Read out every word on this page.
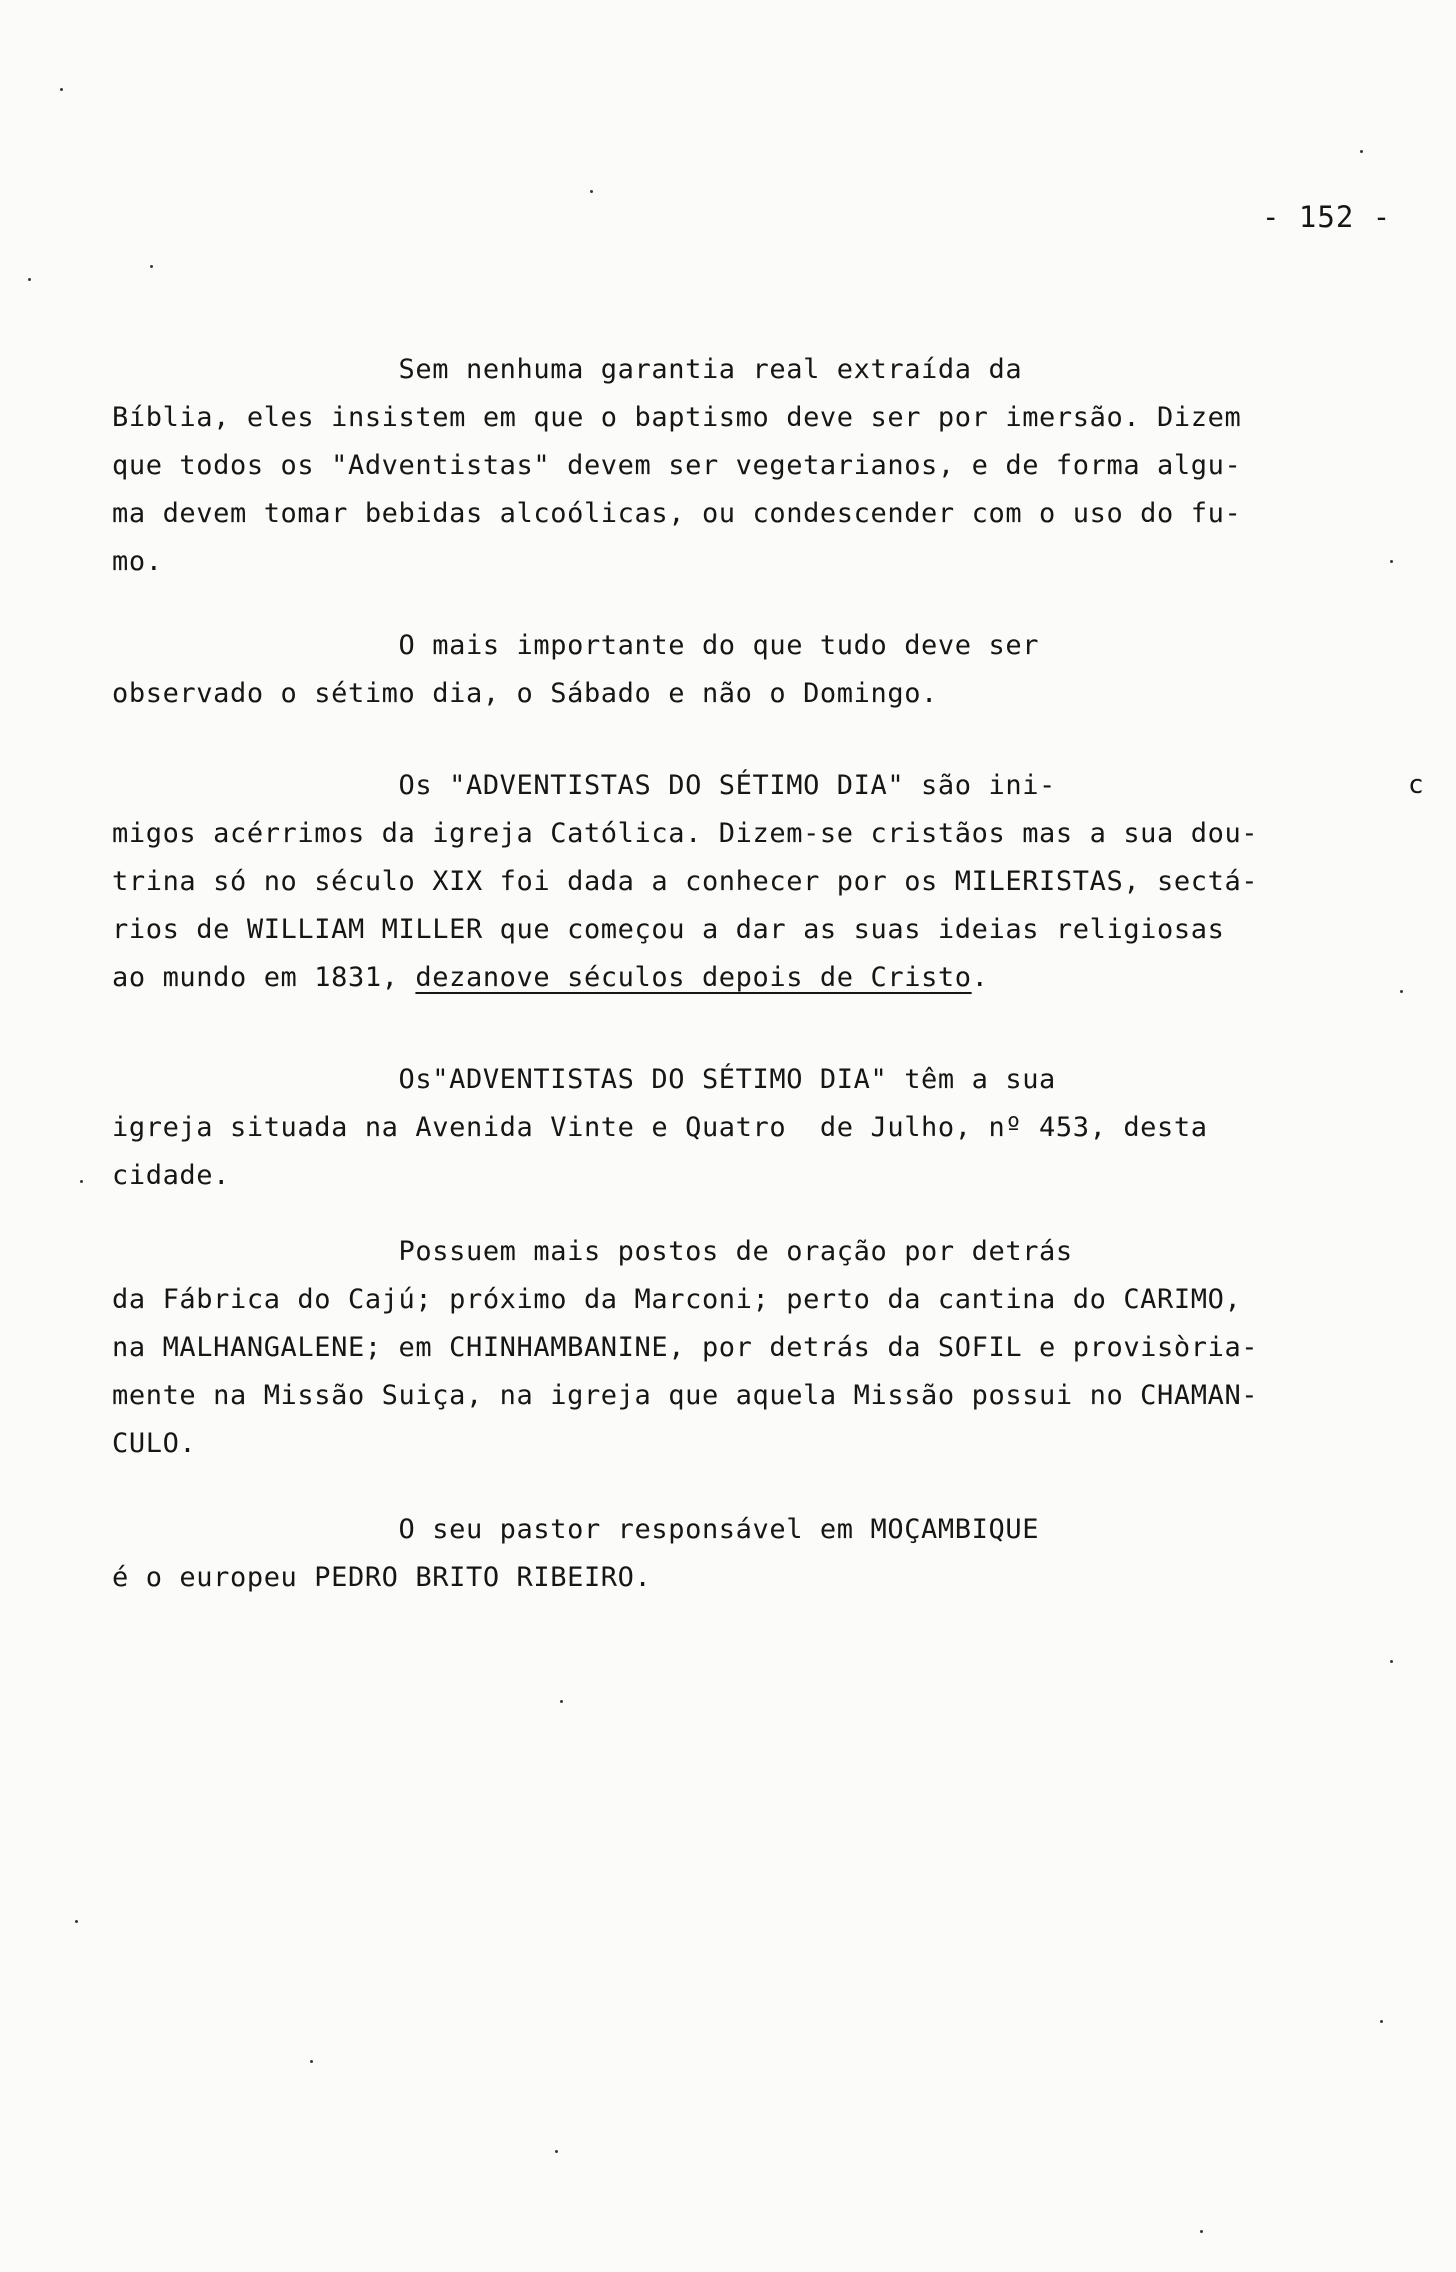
- 152 -

Sem nenhuma garantia real extraída da
Bíblia, eles insistem em que o baptismo deve ser por imersão. Dizem
que todos os "Adventistas" devem ser vegetarianos, e de forma algu-
ma devem tomar bebidas alcoólicas, ou condescender com o uso do fu-
mo.

O mais importante do que tudo deve ser
observado o sétimo dia, o Sábado e não o Domingo.

Os "ADVENTISTAS DO SÉTIMO DIA" são ini-
migos acérrimos da igreja Católica. Dizem-se cristãos mas a sua dou-
trina só no século XIX foi dada a conhecer por os MILERISTAS, sectá-
rios de WILLIAM MILLER que começou a dar as suas ideias religiosas
ao mundo em 1831, dezanove séculos depois de Cristo.

Os"ADVENTISTAS DO SÉTIMO DIA" têm a sua
igreja situada na Avenida Vinte e Quatro  de Julho, nº 453, desta
cidade.

Possuem mais postos de oração por detrás
da Fábrica do Cajú; próximo da Marconi; perto da cantina do CARIMO,
na MALHANGALENE; em CHINHAMBANINE, por detrás da SOFIL e provisòria-
mente na Missão Suiça, na igreja que aquela Missão possui no CHAMAN-
CULO.

O seu pastor responsável em MOÇAMBIQUE
é o europeu PEDRO BRITO RIBEIRO.

c
